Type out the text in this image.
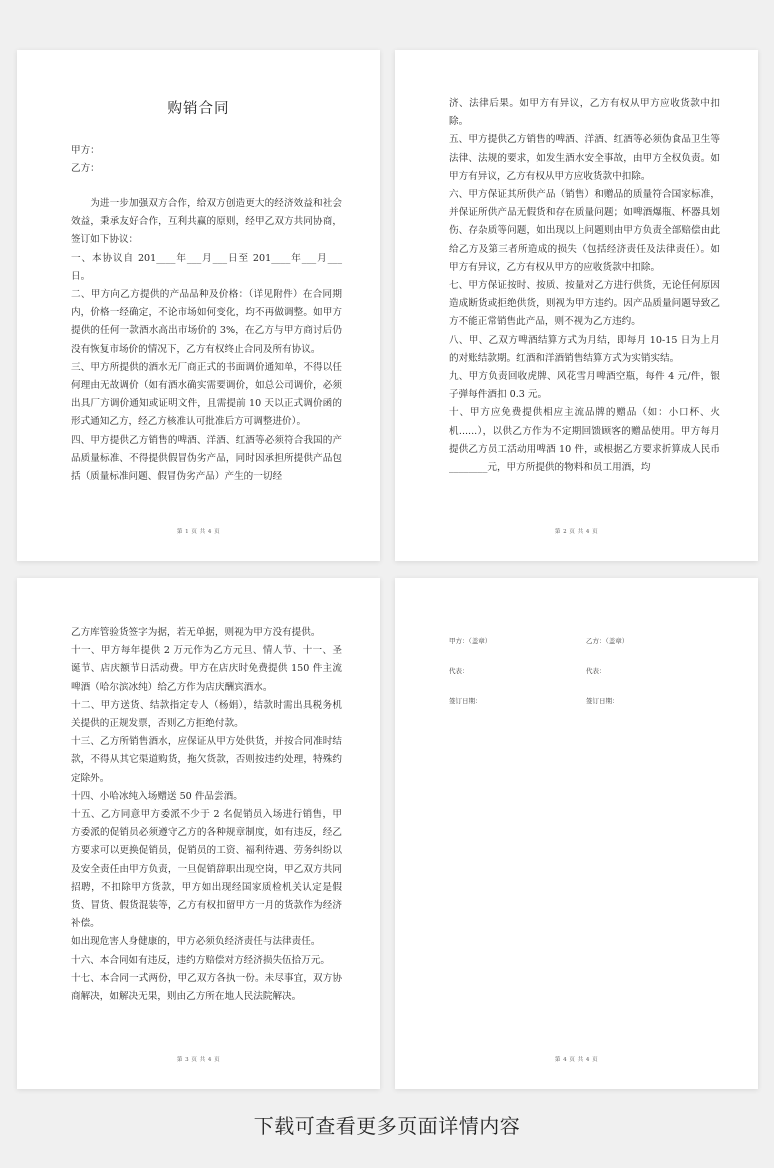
购销合同
甲方：
乙方：

为进一步加强双方合作，给双方创造更大的经济效益和社会效益，秉承友好合作，互利共赢的原则，经甲乙双方共同协商，签订如下协议：

一、本协议自 201____年___月___日至 201____年___月___日。

二、甲方向乙方提供的产品品种及价格：（详见附件）在合同期内，价格一经确定，不论市场如何变化，均不再做调整。如甲方提供的任何一款酒水高出市场价的 3%，在乙方与甲方商讨后仍没有恢复市场价的情况下，乙方有权终止合同及所有协议。

三、甲方所提供的酒水无厂商正式的书面调价通知单，不得以任何理由无故调价（如有酒水确实需要调价，如总公司调价，必须出具厂方调价通知或证明文件，且需提前 10 天以正式调价函的形式通知乙方，经乙方核准认可批准后方可调整进价）。

四、甲方提供乙方销售的啤酒、洋酒、红酒等必须符合我国的产品质量标准、不得提供假冒伪劣产品，同时因承担所提供产品包括（质量标准问题、假冒伪劣产品）产生的一切经

第 1 页 共 4 页

济、法律后果。如甲方有异议，乙方有权从甲方应收货款中扣除。

五、甲方提供乙方销售的啤酒、洋酒、红酒等必须伪食品卫生等法律、法规的要求，如发生酒水安全事故，由甲方全权负责。如甲方有异议，乙方有权从甲方应收货款中扣除。

六、甲方保证其所供产品（销售）和赠品的质量符合国家标准，并保证所供产品无假货和存在质量问题；如啤酒爆瓶、杯器具划伤、存杂质等问题，如出现以上问题则由甲方负责全部赔偿由此给乙方及第三者所造成的损失（包括经济责任及法律责任）。如甲方有异议，乙方有权从甲方的应收货款中扣除。

七、甲方保证按时、按质、按量对乙方进行供货，无论任何原因造成断货或拒绝供货，则视为甲方违约。因产品质量问题导致乙方不能正常销售此产品，则不视为乙方违约。

八、甲、乙双方啤酒结算方式为月结，即每月 10-15 日为上月的对账结款期。红酒和洋酒销售结算方式为实销实结。

九、甲方负责回收虎牌、风花雪月啤酒空瓶，每件 4 元/件，银子弹每件酒扣 0.3 元。

十、甲方应免费提供相应主流品牌的赠品（如：小口杯、火机......），以供乙方作为不定期回馈顾客的赠品使用。甲方每月提供乙方员工活动用啤酒 10 件，或根据乙方要求折算成人民币________元，甲方所提供的物料和员工用酒，均

第 2 页 共 4 页

乙方库管验货签字为据，若无单据，则视为甲方没有提供。

十一、甲方每年提供 2 万元作为乙方元旦、情人节、十一、圣诞节、店庆额节日活动费。甲方在店庆时免费提供 150 件主流啤酒（哈尔滨冰纯）给乙方作为店庆酬宾酒水。

十二、甲方送货、结款指定专人（杨娟），结款时需出具税务机关提供的正规发票，否则乙方拒绝付款。

十三、乙方所销售酒水，应保证从甲方处供货，并按合同准时结款，不得从其它渠道购货，拖欠货款，否则按违约处理，特殊约定除外。

十四、小哈冰纯入场赠送 50 件品尝酒。

十五、乙方同意甲方委派不少于 2 名促销员入场进行销售，甲方委派的促销员必须遵守乙方的各种规章制度，如有违反，经乙方要求可以更换促销员，促销员的工资、福利待遇、劳务纠纷以及安全责任由甲方负责，一旦促销辞职出现空岗，甲乙双方共同招聘，不扣除甲方货款，甲方如出现经国家质检机关认定是假货、冒货、假货混装等，乙方有权扣留甲方一月的货款作为经济补偿。

如出现危害人身健康的，甲方必须负经济责任与法律责任。

十六、本合同如有违反，违约方赔偿对方经济损失伍拾万元。

十七、本合同一式两份，甲乙双方各执一份。未尽事宜，双方协商解决，如解决无果，则由乙方所在地人民法院解决。

第 3 页 共 4 页
甲方：（盖章）	乙方：（盖章）
代表：	代表：
签订日期：	签订日期：
第 4 页 共 4 页
下载可查看更多页面详情内容
